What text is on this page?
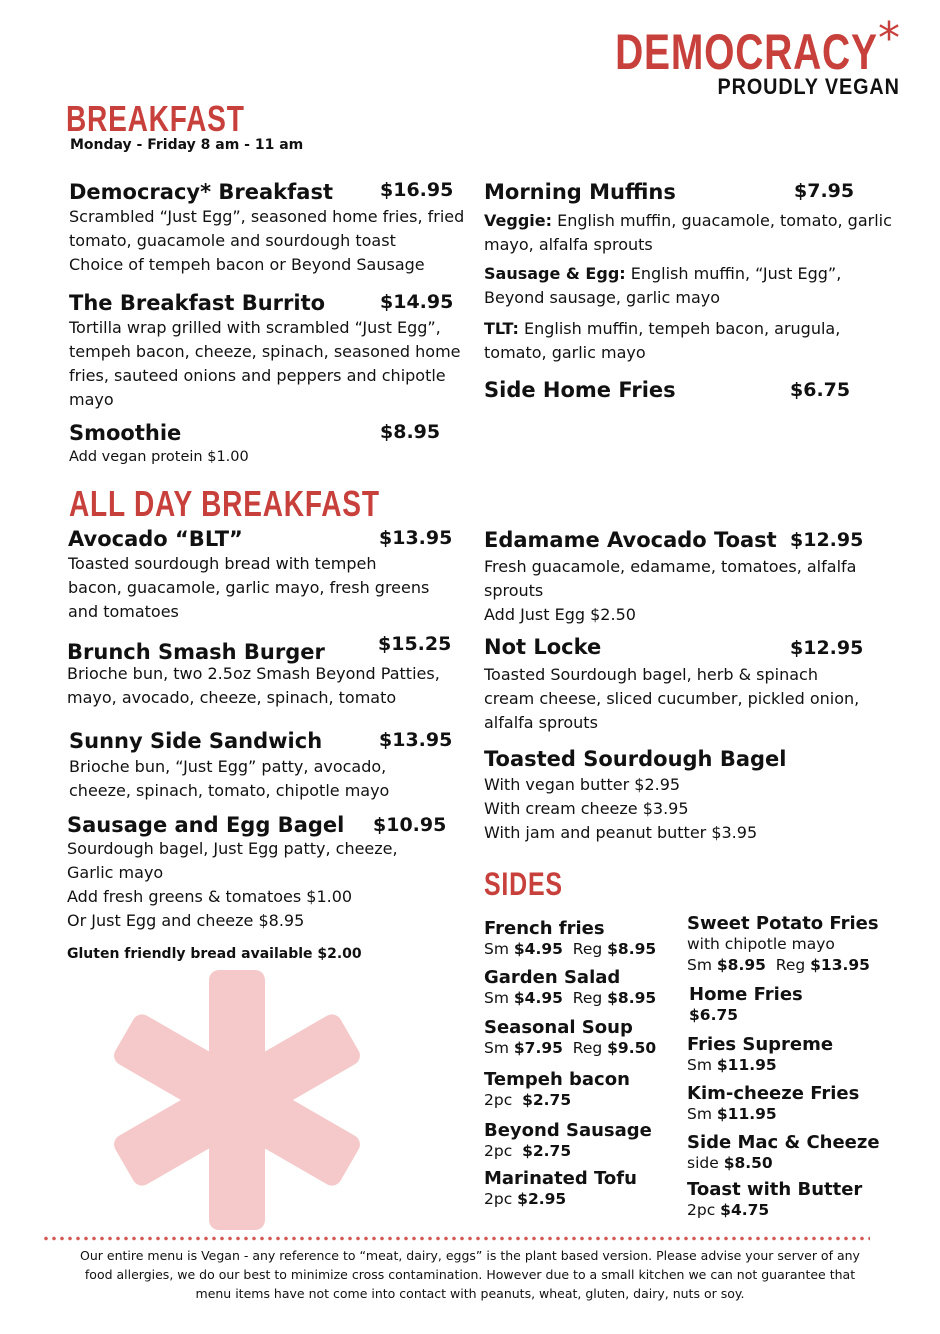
DEMOCRACY*
PROUDLY VEGAN
BREAKFAST
Monday - Friday 8 am - 11 am
Democracy* Breakfast $16.95
Scrambled “Just Egg”, seasoned home fries, fried
tomato, guacamole and sourdough toast
Choice of tempeh bacon or Beyond Sausage
The Breakfast Burrito	$14.95
Tortilla wrap grilled with scrambled “Just Egg”,
tempeh bacon, cheeze, spinach, seasoned home
fries, sauteed onions and peppers and chipotle
mayo
Smoothie	$8.95
Add vegan protein $1.00
Morning Muffins	$7.95
Veggie: English muffin, guacamole, tomato, garlic
mayo, alfalfa sprouts
Sausage & Egg: English muffin, “Just Egg”,
Beyond sausage, garlic mayo
TLT: English muffin, tempeh bacon, arugula,
tomato, garlic mayo
Side Home Fries	$6.75
ALL DAY BREAKFAST
Avocado “BLT”	$13.95
Toasted sourdough bread with tempeh
bacon, guacamole, garlic mayo, fresh greens
and tomatoes
Brunch Smash Burger	$15.25
Brioche bun, two 2.5oz Smash Beyond Patties,
mayo, avocado, cheeze, spinach, tomato
Sunny Side Sandwich	$13.95
Brioche bun, “Just Egg” patty, avocado,
cheeze, spinach, tomato, chipotle mayo
Sausage and Egg Bagel $10.95
Sourdough bagel, Just Egg patty, cheeze,
Garlic mayo
Add fresh greens & tomatoes $1.00
Or Just Egg and cheeze $8.95
Gluten friendly bread available $2.00
Edamame Avocado Toast $12.95
Fresh guacamole, edamame, tomatoes, alfalfa
sprouts
Add Just Egg $2.50
Not Locke	$12.95
Toasted Sourdough bagel, herb & spinach
cream cheese, sliced cucumber, pickled onion,
alfalfa sprouts
Toasted Sourdough Bagel
With vegan butter $2.95
With cream cheeze $3.95
With jam and peanut butter $3.95
SIDES
French fries
Sm $4.95  Reg $8.95
Garden Salad
Sm $4.95  Reg $8.95
Seasonal Soup
Sm $7.95  Reg $9.50
Tempeh bacon
2pc  $2.75
Beyond Sausage
2pc  $2.75
Marinated Tofu
2pc $2.95
Sweet Potato Fries
with chipotle mayo
Sm $8.95  Reg $13.95
Home Fries
$6.75
Fries Supreme
Sm $11.95
Kim-cheeze Fries
Sm $11.95
Side Mac & Cheeze
side $8.50
Toast with Butter
2pc $4.75
Our entire menu is Vegan - any reference to “meat, dairy, eggs” is the plant based version. Please advise your server of any
food allergies, we do our best to minimize cross contamination. However due to a small kitchen we can not guarantee that
menu items have not come into contact with peanuts, wheat, gluten, dairy, nuts or soy.
